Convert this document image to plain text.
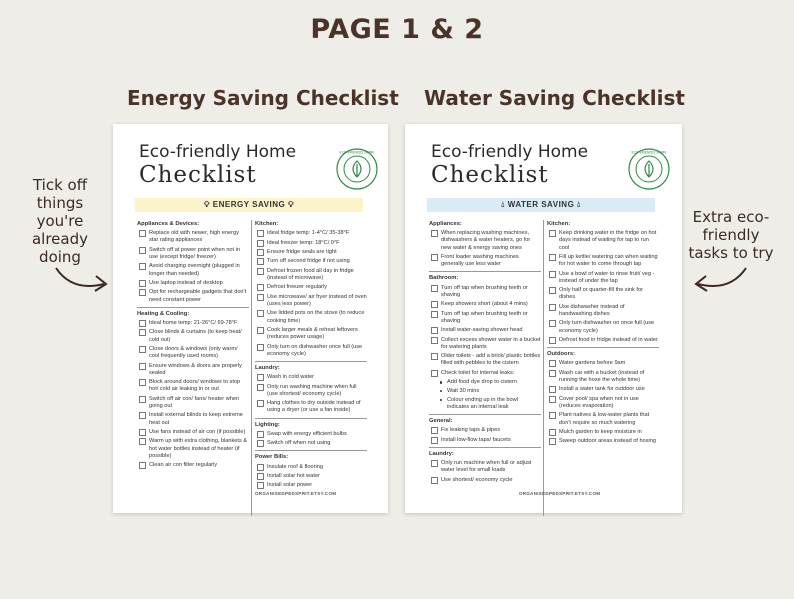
PAGE 1 & 2
Energy Saving Checklist Water Saving Checklist
Tick off
things
you're
already
doing
Extra eco-
friendly
tasks to try
Eco-friendly Home
Checklist
ECO-FRIENDLY HOME
💡︎ ENERGY SAVING 💡︎
Appliances & Devices:
Replace old with newer, high energy star rating appliances
Switch off at power point when not in use (except fridge/ freezer)
Avoid charging overnight (plugged in longer than needed)
Use laptop instead of desktop
Opt for rechargeable gadgets that don't need constant power
Heating & Cooling:
Ideal home temp: 21-26°C/ 69-78°F
Close blinds & curtains (to keep heat/ cold out)
Close doors & windows (only warm/ cool frequently used rooms)
Ensure windows & doors are properly sealed
Block around doors/ windows to stop hot/ cold air leaking in or out
Switch off air con/ fans/ heater when going out
Install external blinds to keep extreme heat out
Use fans instead of air con (if possible)
Warm up with extra clothing, blankets & hot water bottles instead of heater (if possible)
Clean air con filter regularly
Kitchen:
Ideal fridge temp: 1-4°C/ 35-38°F
Ideal freezer temp: 18°C/ 0°F
Ensure fridge seals are tight
Turn off second fridge if not using
Defrost frozen food all day in fridge (instead of microwave)
Defrost freezer regularly
Use microwave/ air fryer instead of oven (uses less power)
Use lidded pots on the stove (to reduce cooking time)
Cook larger meals & reheat leftovers (reduces power usage)
Only turn on dishwasher once full (use economy cycle)
Laundry:
Wash in cold water
Only run washing machine when full (use shortest/ economy cycle)
Hang clothes to dry outside instead of using a dryer (or use a fan inside)
Lighting:
Swap with energy efficient bulbs
Switch off when not using
Power Bills:
Insulate roof & flooring
Install solar hot water
Install solar power
ORGANISEDPEDSPRIT.ETSY.COM
Eco-friendly Home
Checklist
ECO-FRIENDLY HOME
💧︎ WATER SAVING 💧︎
Appliances:
When replacing washing machines, dishwashers & water heaters, go for new water & energy saving ones
Front loader washing machines generally use less water
Bathroom:
Turn off tap when brushing teeth or shaving
Keep showers short (about 4 mins)
Turn off tap when brushing teeth or shaving
Install water-saving shower head
Collect excess shower water in a bucket for watering plants
Older toilets - add a brick/ plastic bottles filled with pebbles to the cistern
Check toilet for internal leaks:
Add food dye drop to cistern
Wait 30 mins
Colour ending up in the bowl indicates an internal leak
General:
Fix leaking taps & pipes
Install low-flow taps/ faucets
Laundry:
Only run machine when full or adjust water level for small loads
Use shortest/ economy cycle
Kitchen:
Keep drinking water in the fridge on hot days instead of waiting for tap to run cool
Fill up kettle/ watering can when waiting for hot water to come through tap
Use a bowl of water to rinse fruit/ veg - instead of under the tap
Only half or quarter-fill the sink for dishes
Use dishwasher instead of handwashing dishes
Only turn dishwasher on once full (use economy cycle)
Defrost food in fridge instead of in water
Outdoors:
Water gardens before 9am
Wash car with a bucket (instead of running the hose the whole time)
Install a water tank for outdoor use
Cover pool/ spa when not in use (reduces evaporation)
Plant natives & low-water plants that don't require so much watering
Mulch garden to keep moisture in
Sweep outdoor areas instead of hosing
ORGANISEDPEDSPRIT.ETSY.COM
